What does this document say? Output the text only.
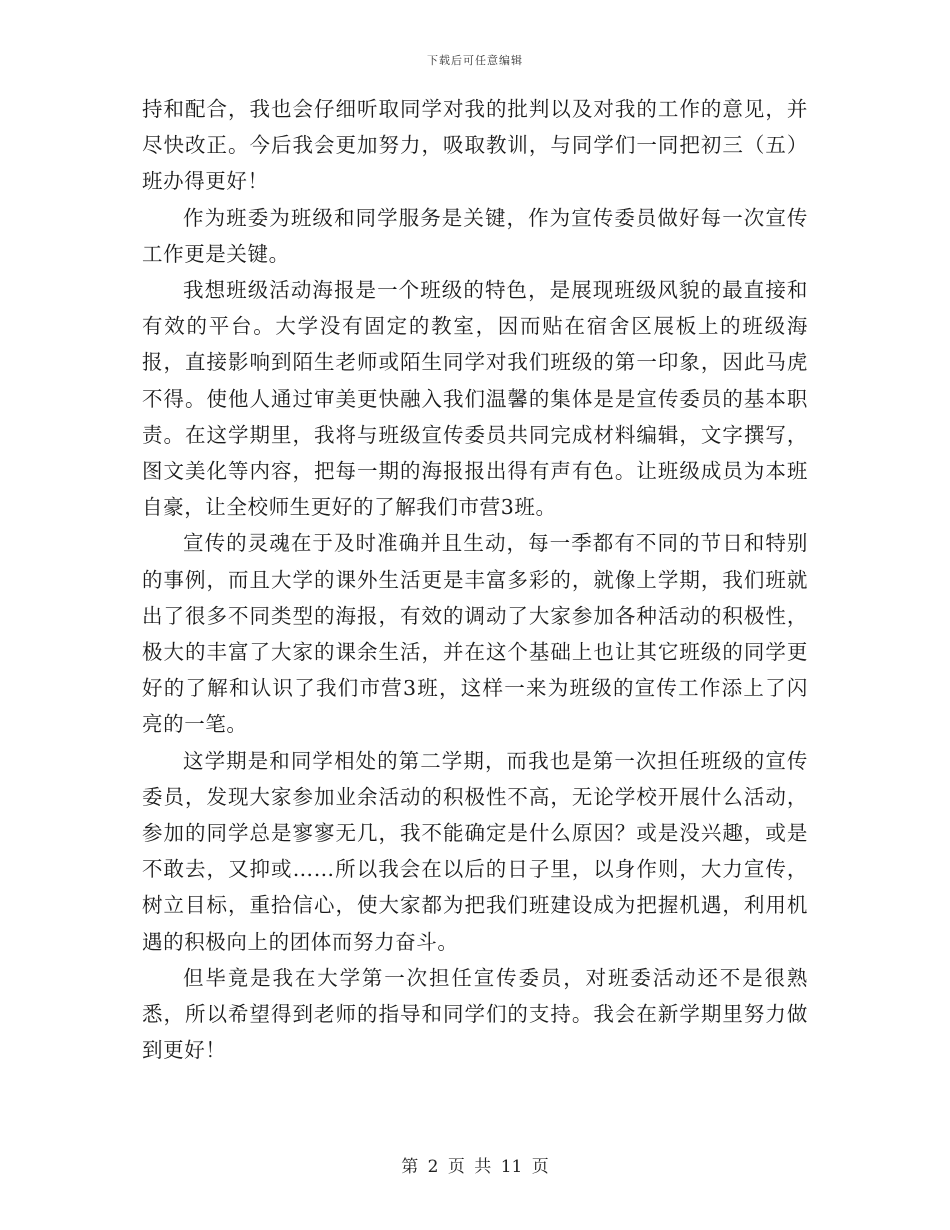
下载后可任意编辑

持和配合，我也会仔细听取同学对我的批判以及对我的工作的意见，并尽快改正。今后我会更加努力，吸取教训，与同学们一同把初三（五）班办得更好！

作为班委为班级和同学服务是关键，作为宣传委员做好每一次宣传工作更是关键。

我想班级活动海报是一个班级的特色，是展现班级风貌的最直接和有效的平台。大学没有固定的教室，因而贴在宿舍区展板上的班级海报，直接影响到陌生老师或陌生同学对我们班级的第一印象，因此马虎不得。使他人通过审美更快融入我们温馨的集体是是宣传委员的基本职责。在这学期里，我将与班级宣传委员共同完成材料编辑，文字撰写，图文美化等内容，把每一期的海报报出得有声有色。让班级成员为本班自豪，让全校师生更好的了解我们市营3班。

宣传的灵魂在于及时准确并且生动，每一季都有不同的节日和特别的事例，而且大学的课外生活更是丰富多彩的，就像上学期，我们班就出了很多不同类型的海报，有效的调动了大家参加各种活动的积极性，极大的丰富了大家的课余生活，并在这个基础上也让其它班级的同学更好的了解和认识了我们市营3班，这样一来为班级的宣传工作添上了闪亮的一笔。

这学期是和同学相处的第二学期，而我也是第一次担任班级的宣传委员，发现大家参加业余活动的积极性不高，无论学校开展什么活动，参加的同学总是寥寥无几，我不能确定是什么原因？或是没兴趣，或是不敢去，又抑或……所以我会在以后的日子里，以身作则，大力宣传，树立目标，重拾信心，使大家都为把我们班建设成为把握机遇，利用机遇的积极向上的团体而努力奋斗。

但毕竟是我在大学第一次担任宣传委员，对班委活动还不是很熟悉，所以希望得到老师的指导和同学们的支持。我会在新学期里努力做到更好！

第 2 页 共 11 页
